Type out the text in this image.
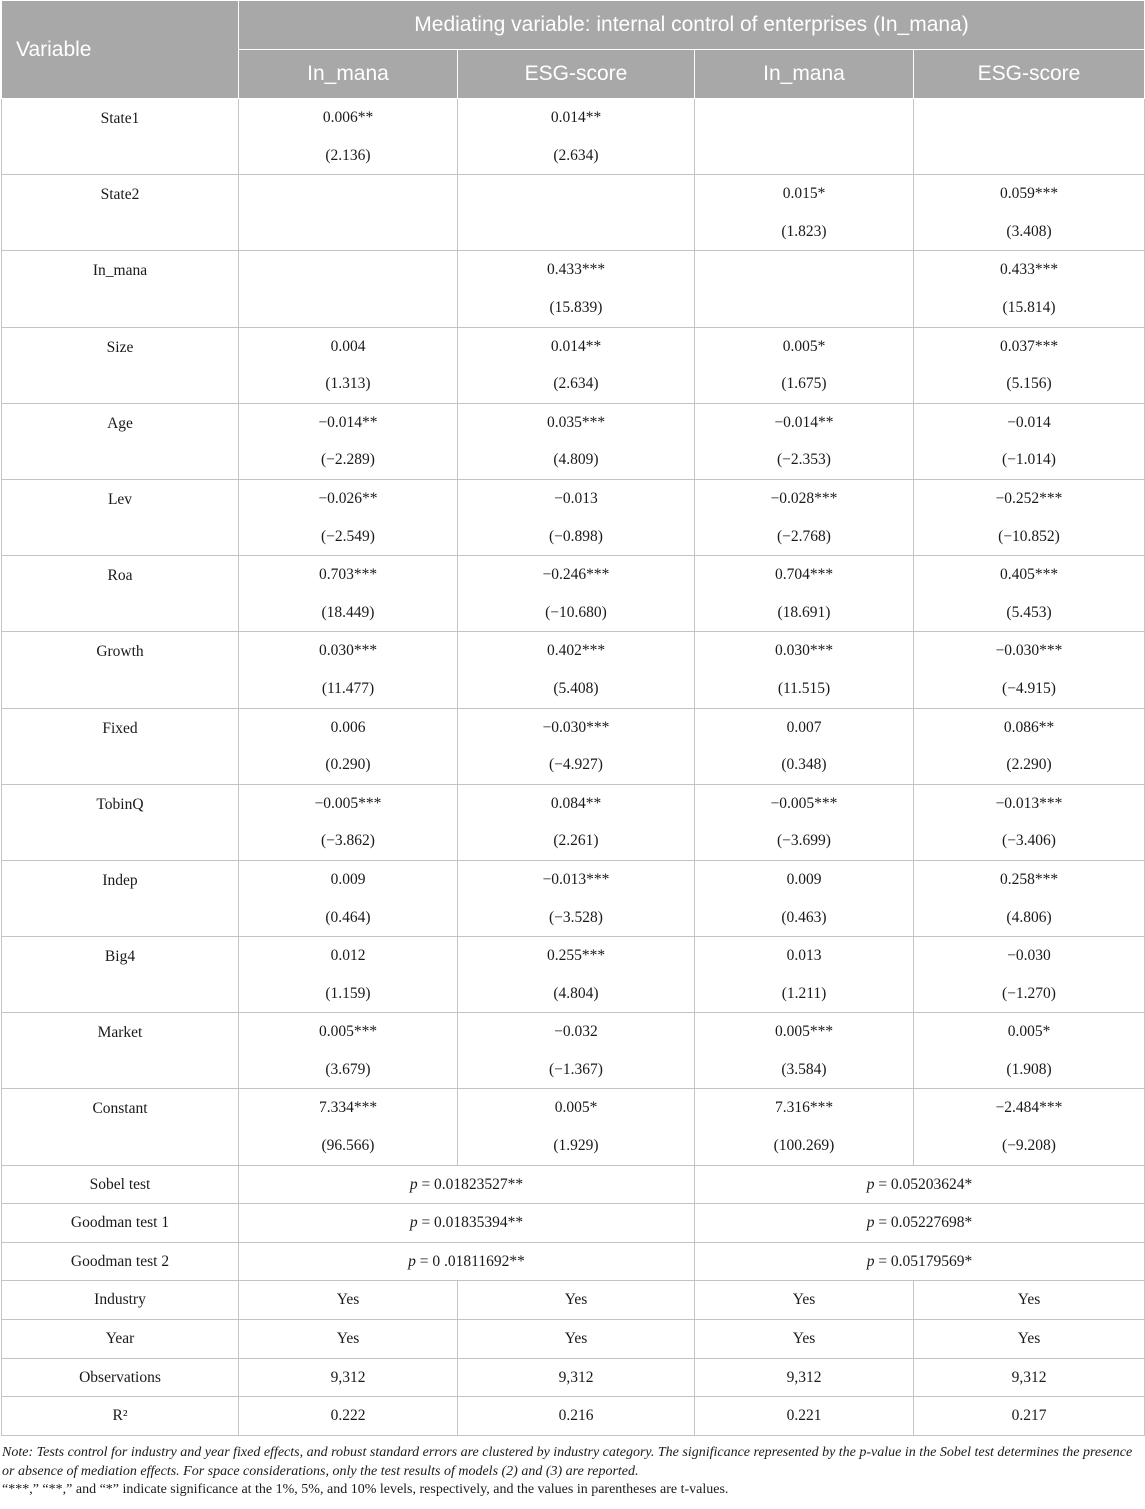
Variable	Mediating variable: internal control of enterprises (In_mana)			
	In_mana	ESG-score	In_mana	ESG-score
State1	0.006**	0.014**		
	(2.136)	(2.634)		
State2			0.015*	0.059***
			(1.823)	(3.408)
In_mana		0.433***		0.433***
		(15.839)		(15.814)
Size	0.004	0.014**	0.005*	0.037***
	(1.313)	(2.634)	(1.675)	(5.156)
Age	−0.014**	0.035***	−0.014**	−0.014
	(−2.289)	(4.809)	(−2.353)	(−1.014)
Lev	−0.026**	−0.013	−0.028***	−0.252***
	(−2.549)	(−0.898)	(−2.768)	(−10.852)
Roa	0.703***	−0.246***	0.704***	0.405***
	(18.449)	(−10.680)	(18.691)	(5.453)
Growth	0.030***	0.402***	0.030***	−0.030***
	(11.477)	(5.408)	(11.515)	(−4.915)
Fixed	0.006	−0.030***	0.007	0.086**
	(0.290)	(−4.927)	(0.348)	(2.290)
TobinQ	−0.005***	0.084**	−0.005***	−0.013***
	(−3.862)	(2.261)	(−3.699)	(−3.406)
Indep	0.009	−0.013***	0.009	0.258***
	(0.464)	(−3.528)	(0.463)	(4.806)
Big4	0.012	0.255***	0.013	−0.030
	(1.159)	(4.804)	(1.211)	(−1.270)
Market	0.005***	−0.032	0.005***	0.005*
	(3.679)	(−1.367)	(3.584)	(1.908)
Constant	7.334***	0.005*	7.316***	−2.484***
	(96.566)	(1.929)	(100.269)	(−9.208)
Sobel test	p = 0.01823527**		p = 0.05203624*	
Goodman test 1	p = 0.01835394**		p = 0.05227698*	
Goodman test 2	p = 0 .01811692**		p = 0.05179569*	
Industry	Yes	Yes	Yes	Yes
Year	Yes	Yes	Yes	Yes
Observations	9,312	9,312	9,312	9,312
R²	0.222	0.216	0.221	0.217
Note: Tests control for industry and year fixed effects, and robust standard errors are clustered by industry category. The significance represented by the p-value in the Sobel test determines the presence or absence of mediation effects. For space considerations, only the test results of models (2) and (3) are reported.
“***,” “**,” and “*” indicate significance at the 1%, 5%, and 10% levels, respectively, and the values in parentheses are t-values.
